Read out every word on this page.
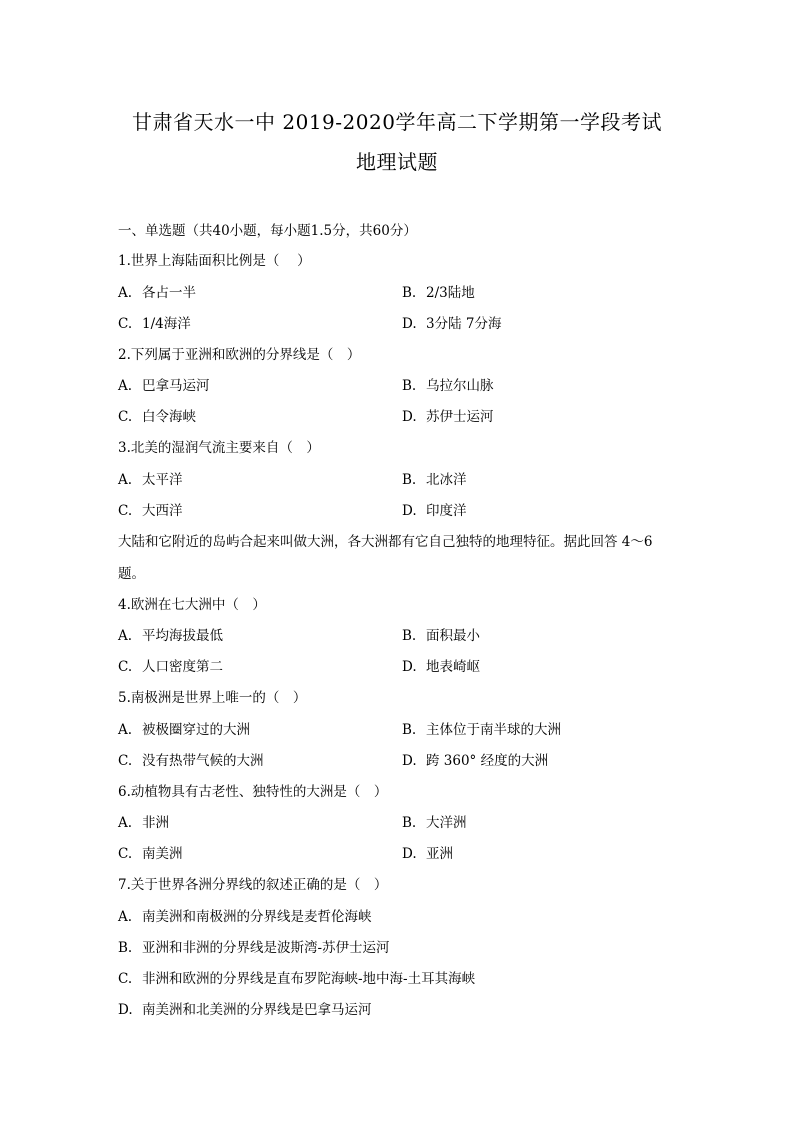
甘肃省天水一中 2019-2020学年高二下学期第一学段考试
地理试题
一、单选题（共40小题，每小题1.5分，共60分）
1.世界上海陆面积比例是（　 ）
A. 各占一半	B. 2/3陆地
C. 1/4海洋	D. 3分陆 7分海
2.下列属于亚洲和欧洲的分界线是（　）
A. 巴拿马运河	B. 乌拉尔山脉
C. 白令海峡	D. 苏伊士运河
3.北美的湿润气流主要来自（　）
A. 太平洋	B. 北冰洋
C. 大西洋	D. 印度洋
大陆和它附近的岛屿合起来叫做大洲，各大洲都有它自己独特的地理特征。据此回答 4～6
题。
4.欧洲在七大洲中（　）
A. 平均海拔最低	B. 面积最小
C. 人口密度第二	D. 地表崎岖
5.南极洲是世界上唯一的（　）
A. 被极圈穿过的大洲	B. 主体位于南半球的大洲
C. 没有热带气候的大洲	D. 跨 360° 经度的大洲
6.动植物具有古老性、独特性的大洲是（　）
A. 非洲	B. 大洋洲
C. 南美洲	D. 亚洲
7.关于世界各洲分界线的叙述正确的是（　）
A. 南美洲和南极洲的分界线是麦哲伦海峡
B. 亚洲和非洲的分界线是波斯湾-苏伊士运河
C. 非洲和欧洲的分界线是直布罗陀海峡-地中海-土耳其海峡
D. 南美洲和北美洲的分界线是巴拿马运河
